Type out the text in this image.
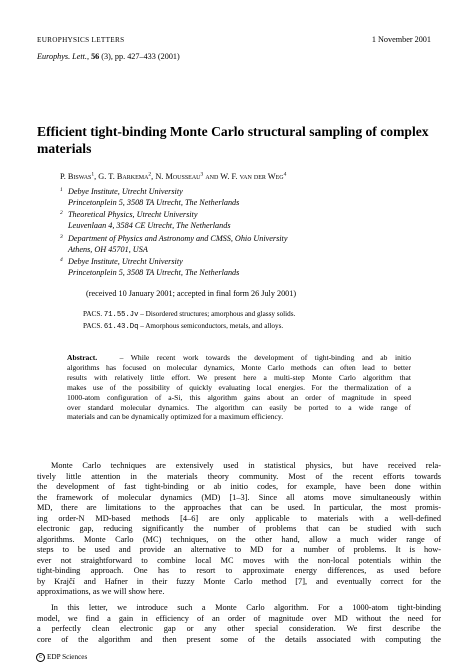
EUROPHYSICS LETTERS	1 November 2001
Europhys. Lett., 56 (3), pp. 427–433 (2001)
Efficient tight-binding Monte Carlo structural sampling of complex materials
P. Biswas$^1$, G. T. Barkema$^2$, N. Mousseau$^3$ and W. F. van der Weg$^4$
1 Debye Institute, Utrecht University
Princetonplein 5, 3508 TA Utrecht, The Netherlands
2 Theoretical Physics, Utrecht University
Leuvenlaan 4, 3584 CE Utrecht, The Netherlands
3 Department of Physics and Astronomy and CMSS, Ohio University
Athens, OH 45701, USA
4 Debye Institute, Utrecht University
Princetonplein 5, 3508 TA Utrecht, The Netherlands
(received 10 January 2001; accepted in final form 26 July 2001)
PACS. 71.55.Jv – Disordered structures; amorphous and glassy solids.
PACS. 61.43.Dq – Amorphous semiconductors, metals, and alloys.
Abstract.	– While recent work towards the development of tight-binding and ab initio
algorithms has focused on molecular dynamics, Monte Carlo methods can often lead to better
results with relatively little effort. We present here a multi-step Monte Carlo algorithm that
makes use of the possibility of quickly evaluating local energies. For the thermalization of a
1000-atom configuration of a-Si, this algorithm gains about an order of magnitude in speed
over standard molecular dynamics. The algorithm can easily be ported to a wide range of
materials and can be dynamically optimized for a maximum efficiency.
Monte Carlo techniques are extensively used in statistical physics, but have received rela-
tively little attention in the materials theory community. Most of the recent efforts towards
the development of fast tight-binding or ab initio codes, for example, have been done within
the framework of molecular dynamics (MD) [1–3]. Since all atoms move simultaneously within
MD, there are limitations to the approaches that can be used. In particular, the most promis-
ing order-N MD-based methods [4–6] are only applicable to materials with a well-defined
electronic gap, reducing significantly the number of problems that can be studied with such
algorithms. Monte Carlo (MC) techniques, on the other hand, allow a much wider range of
steps to be used and provide an alternative to MD for a number of problems. It is how-
ever not straightforward to combine local MC moves with the non-local potentials within the
tight-binding approach. One has to resort to approximate energy differences, as used before
by Krajčí and Hafner in their fuzzy Monte Carlo method [7], and eventually correct for the
approximations, as we will show here.
In this letter, we introduce such a Monte Carlo algorithm. For a 1000-atom tight-binding
model, we find a gain in efficiency of an order of magnitude over MD without the need for
a perfectly clean electronic gap or any other special consideration. We first describe the
core of the algorithm and then present some of the details associated with computing the
c EDP Sciences
